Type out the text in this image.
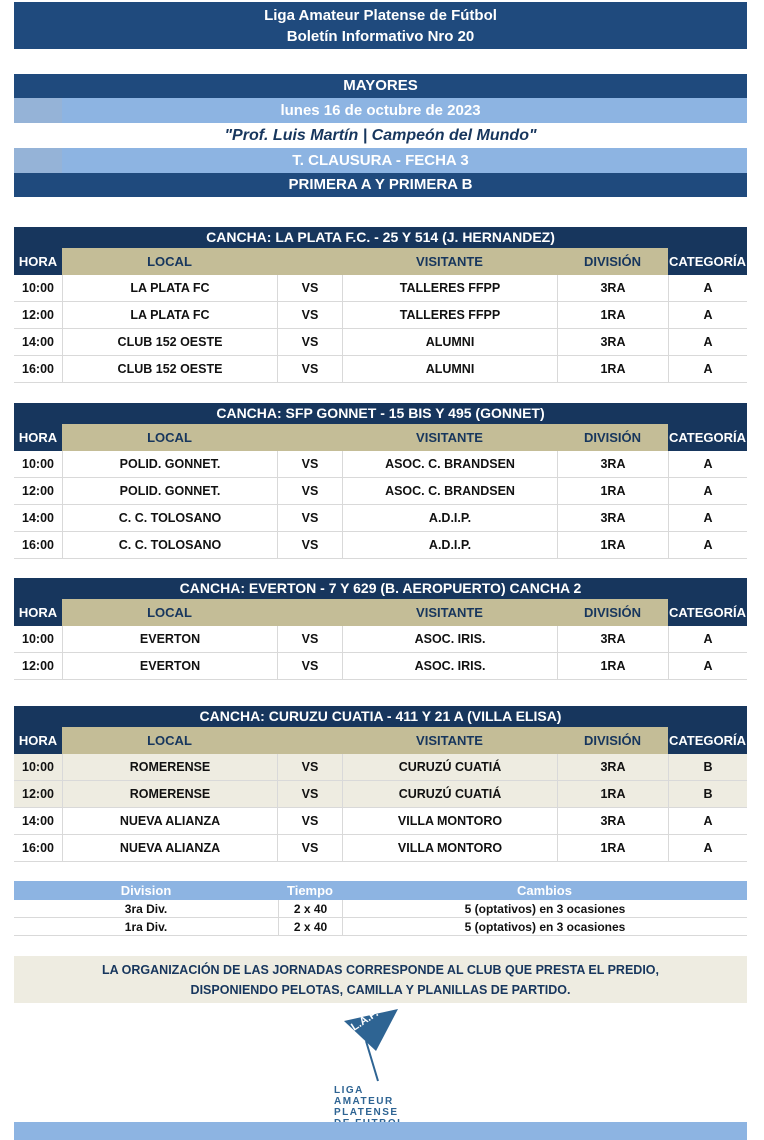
Liga Amateur Platense de Fútbol
Boletín Informativo Nro 20
MAYORES
lunes 16 de octubre de 2023
"Prof. Luis Martín | Campeón del Mundo"
T. CLAUSURA - FECHA 3
PRIMERA A Y PRIMERA B
CANCHA: LA PLATA F.C. - 25 Y 514 (J. HERNANDEZ)
HORA	LOCAL	VISITANTE	DIVISIÓN	CATEGORÍA
10:00	LA PLATA FC	VS	TALLERES FFPP	3RA	A
12:00	LA PLATA FC	VS	TALLERES FFPP	1RA	A
14:00	CLUB 152 OESTE	VS	ALUMNI	3RA	A
16:00	CLUB 152 OESTE	VS	ALUMNI	1RA	A
CANCHA: SFP GONNET - 15 BIS Y 495 (GONNET)
HORA	LOCAL	VISITANTE	DIVISIÓN	CATEGORÍA
10:00	POLID. GONNET.	VS	ASOC. C. BRANDSEN	3RA	A
12:00	POLID. GONNET.	VS	ASOC. C. BRANDSEN	1RA	A
14:00	C. C. TOLOSANO	VS	A.D.I.P.	3RA	A
16:00	C. C. TOLOSANO	VS	A.D.I.P.	1RA	A
CANCHA: EVERTON - 7 Y 629 (B. AEROPUERTO) CANCHA 2
HORA	LOCAL	VISITANTE	DIVISIÓN	CATEGORÍA
10:00	EVERTON	VS	ASOC. IRIS.	3RA	A
12:00	EVERTON	VS	ASOC. IRIS.	1RA	A
CANCHA: CURUZU CUATIA - 411 Y 21 A (VILLA ELISA)
HORA	LOCAL	VISITANTE	DIVISIÓN	CATEGORÍA
10:00	ROMERENSE	VS	CURUZÚ CUATIÁ	3RA	B
12:00	ROMERENSE	VS	CURUZÚ CUATIÁ	1RA	B
14:00	NUEVA ALIANZA	VS	VILLA MONTORO	3RA	A
16:00	NUEVA ALIANZA	VS	VILLA MONTORO	1RA	A
Division	Tiempo	Cambios
3ra Div.	2 x 40	5 (optativos) en 3 ocasiones
1ra Div.	2 x 40	5 (optativos) en 3 ocasiones
LA ORGANIZACIÓN DE LAS JORNADAS CORRESPONDE AL CLUB QUE PRESTA EL PREDIO,
DISPONIENDO PELOTAS, CAMILLA Y PLANILLAS DE PARTIDO.
L.A.P.
LIGA
AMATEUR
PLATENSE
